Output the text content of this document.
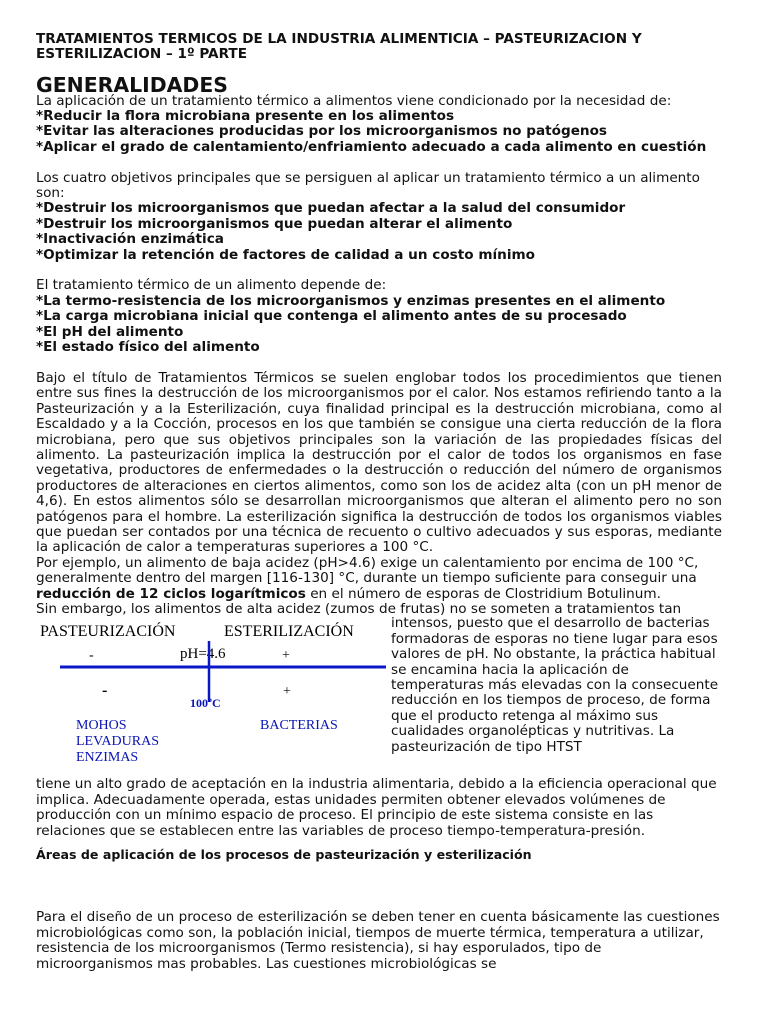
TRATAMIENTOS TERMICOS DE LA INDUSTRIA ALIMENTICIA – PASTEURIZACION Y ESTERILIZACION – 1º PARTE
GENERALIDADES

La aplicación de un tratamiento térmico a alimentos viene condicionado por la necesidad de:

*Reducir la flora microbiana presente en los alimentos
*Evitar las alteraciones producidas por los microorganismos no patógenos
*Aplicar el grado de calentamiento/enfriamiento adecuado a cada alimento en cuestión

Los cuatro objetivos principales que se persiguen al aplicar un tratamiento térmico a un alimento son:

*Destruir los microorganismos que puedan afectar a la salud del consumidor
*Destruir los microorganismos que puedan alterar el alimento
*Inactivación enzimática
*Optimizar la retención de factores de calidad a un costo mínimo

El tratamiento térmico de un alimento depende de:

*La termo-resistencia de los microorganismos y enzimas presentes en el alimento
*La carga microbiana inicial que contenga el alimento antes de su procesado
*El pH del alimento
*El estado físico del alimento

Bajo el título de Tratamientos Térmicos se suelen englobar todos los procedimientos que tienen entre sus fines la destrucción de los microorganismos por el calor. Nos estamos refiriendo tanto a la Pasteurización y a la Esterilización, cuya finalidad principal es la destrucción microbiana, como al Escaldado y a la Cocción, procesos en los que también se consigue una cierta reducción de la flora microbiana, pero que sus objetivos principales son la variación de las propiedades físicas del alimento. La pasteurización implica la destrucción por el calor de todos los organismos en fase vegetativa, productores de enfermedades o la destrucción o reducción del número de organismos productores de alteraciones en ciertos alimentos, como son los de acidez alta (con un pH menor de 4,6). En estos alimentos sólo se desarrollan microorganismos que alteran el alimento pero no son patógenos para el hombre. La esterilización significa la destrucción de todos los organismos viables que puedan ser contados por una técnica de recuento o cultivo adecuados y sus esporas, mediante la aplicación de calor a temperaturas superiores a 100 °C.

Por ejemplo, un alimento de baja acidez (pH>4.6) exige un calentamiento por encima de 100 °C, generalmente dentro del margen [116-130] °C, durante un tiempo suficiente para conseguir una reducción de 12 ciclos logarítmicos en el número de esporas de Clostridium Botulinum.

Sin embargo, los alimentos de alta acidez (zumos de frutas) no se someten a tratamientos tan

PASTEURIZACIÓN	ESTERILIZACIÓN
-	pH=4.6	+
-	+
100ºC
MOHOS
LEVADURAS
ENZIMAS
BACTERIAS

intensos, puesto que el desarrollo de bacterias formadoras de esporas no tiene lugar para esos valores de pH. No obstante, la práctica habitual se encamina hacia la aplicación de temperaturas más elevadas con la consecuente reducción en los tiempos de proceso, de forma que el producto retenga al máximo sus cualidades organolépticas y nutritivas. La pasteurización de tipo HTST

tiene un alto grado de aceptación en la industria alimentaria, debido a la eficiencia operacional que implica. Adecuadamente operada, estas unidades permiten obtener elevados volúmenes de producción con un mínimo espacio de proceso. El principio de este sistema consiste en las relaciones que se establecen entre las variables de proceso tiempo-temperatura-presión.

Áreas de aplicación de los procesos de pasteurización y esterilización

Para el diseño de un proceso de esterilización se deben tener en cuenta básicamente las cuestiones microbiológicas como son, la población inicial, tiempos de muerte térmica, temperatura a utilizar, resistencia de los microorganismos (Termo resistencia), si hay esporulados, tipo de microorganismos mas probables. Las cuestiones microbiológicas se
